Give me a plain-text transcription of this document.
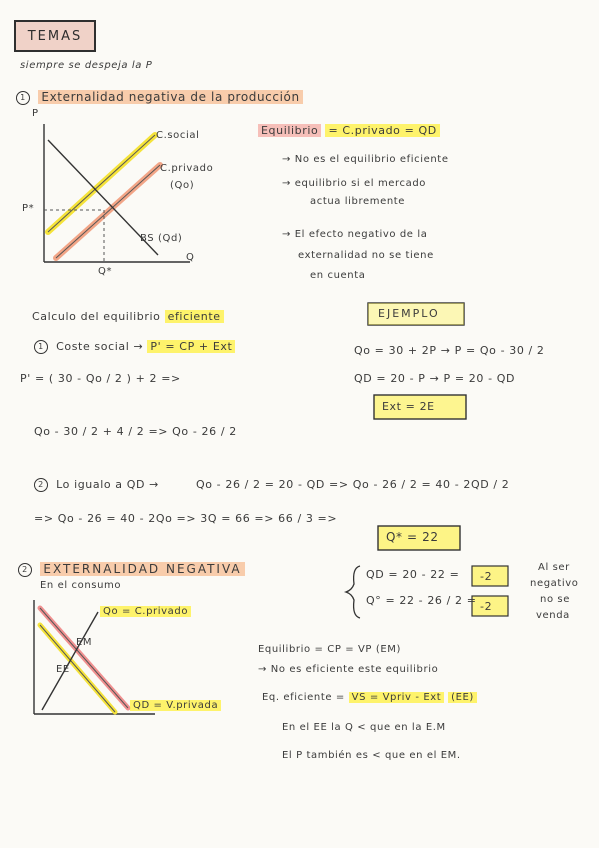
TEMAS
siempre se despeja la P
1 Externalidad negativa de la producción
P
Q
P*
Q*
C.social
C.privado
(Qo)
BS (Qd)
Equilibrio = C.privado = QD
→ No es el equilibrio eficiente
→ equilibrio si el mercado
actua libremente
→ El efecto negativo de la
externalidad no se tiene
en cuenta
Calculo del equilibrio eficiente	EJEMPLO
1 Coste social → P' = CP + Ext
P' = ( 30 - Qo / 2 ) + 2 =>
Qo - 30 / 2 + 4 / 2 => Qo - 26 / 2
Qo = 30 + 2P → P = Qo - 30 / 2
QD = 20 - P → P = 20 - QD
Ext = 2E
2 Lo igualo a QD →	Qo - 26 / 2 = 20 - QD => Qo - 26 / 2 = 40 - 2QD / 2
=> Qo - 26 = 40 - 2Qo => 3Q = 66 => 66 / 3 =>
Q* = 22
2 EXTERNALIDAD NEGATIVA
En el consumo
Qo = C.privado
EM
EE
QD = V.privada
QD = 20 - 22 = -2
Q° = 22 - 26 / 2 = -2
Al ser
negativo
no se
venda
Equilibrio = CP = VP (EM)
→ No es eficiente este equilibrio
Eq. eficiente = VS = Vpriv - Ext (EE)
En el EE la Q < que en la E.M
El P también es < que en el EM.
